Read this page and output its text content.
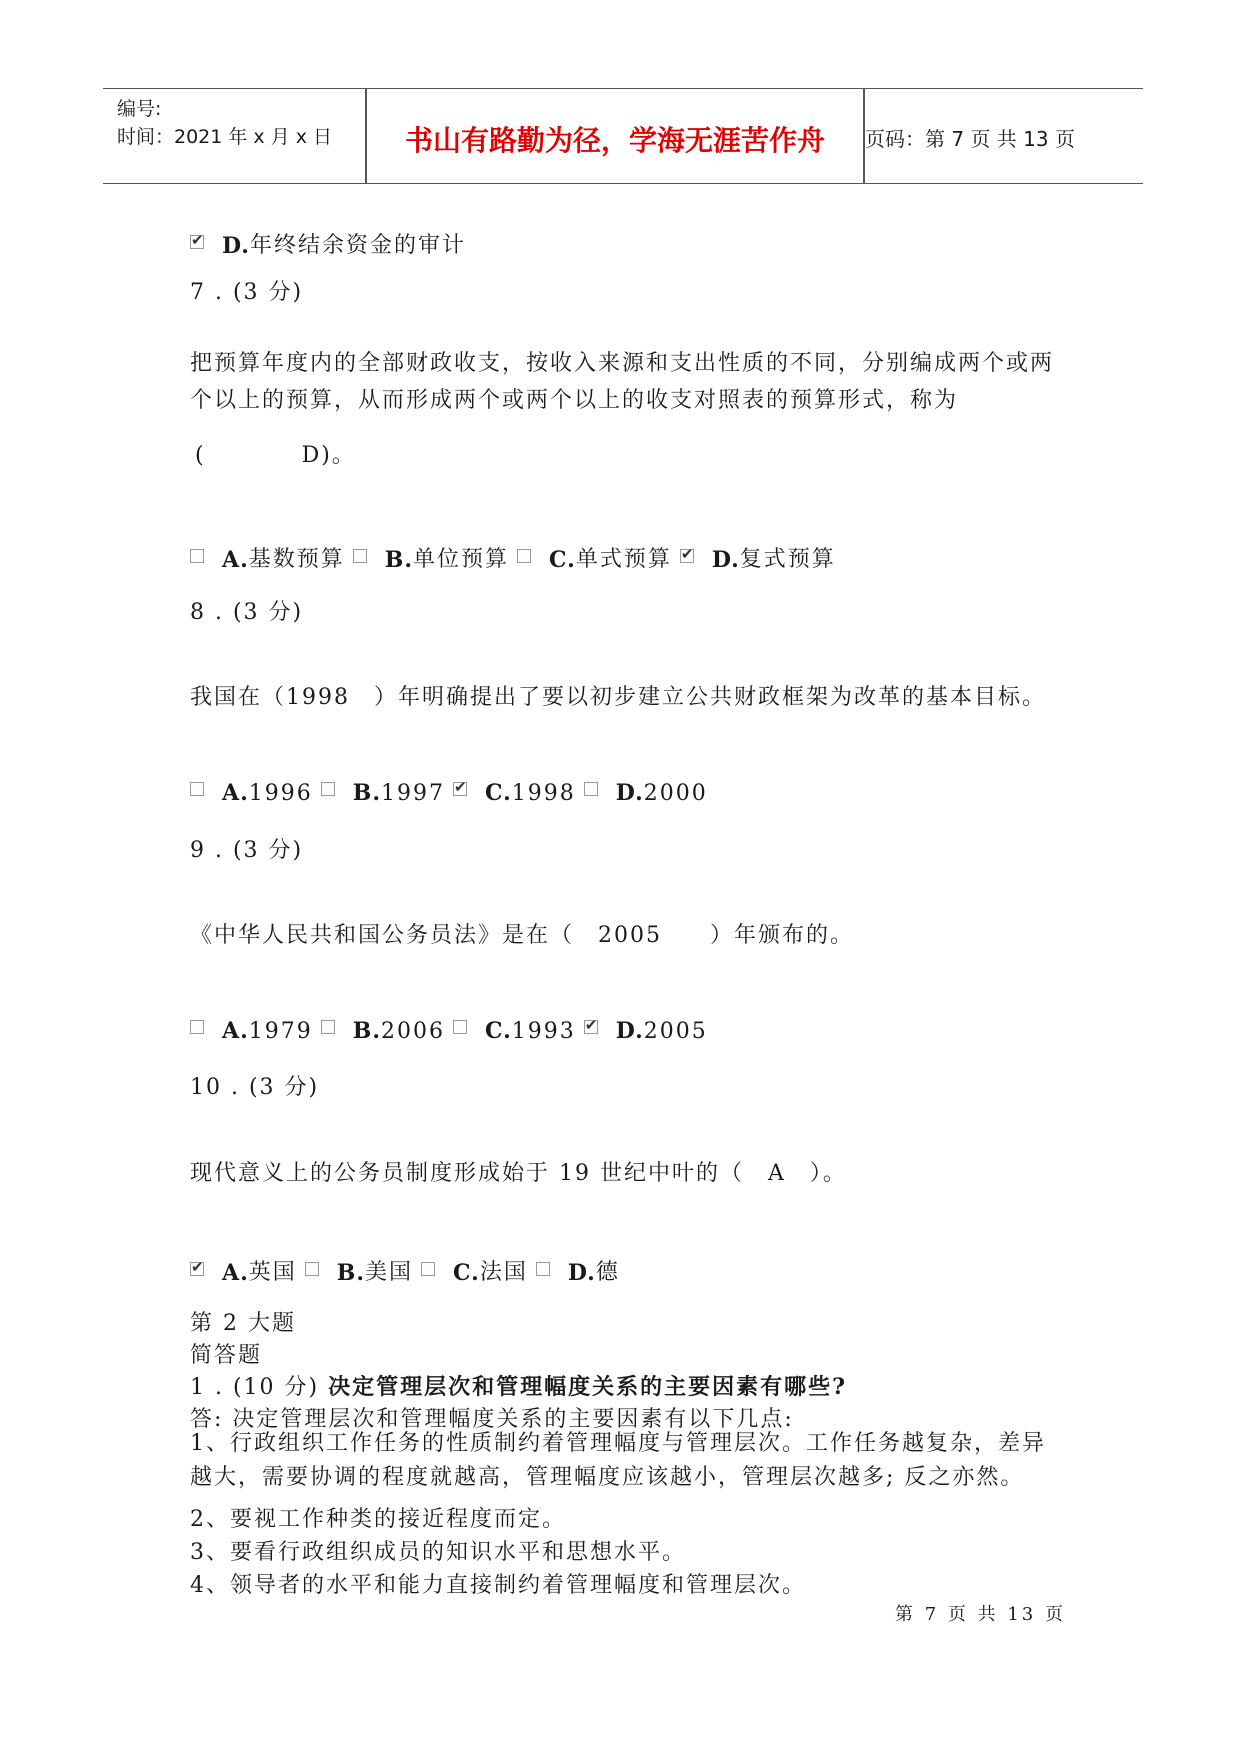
编号:
时间：2021 年 x 月 x 日	书山有路勤为径，学海无涯苦作舟	页码：第 7 页 共 13 页
✔
D. 年终结余资金的审计
7 . (3 分)
把预算年度内的全部财政收支，按收入来源和支出性质的不同，分别编成两个或两个以上的预算，从而形成两个或两个以上的收支对照表的预算形式，称为
(　　　　D)。
A. 基数预算 B. 单位预算 C. 单式预算 ✔ D. 复式预算
8 . (3 分)
我国在（1998　）年明确提出了要以初步建立公共财政框架为改革的基本目标。
A. 1996 B. 1997 ✔ C. 1998 D. 2000
9 . (3 分)
《中华人民共和国公务员法》是在（　2005　　）年颁布的。
A. 1979 B. 2006 C. 1993 ✔ D. 2005
10 . (3 分)
现代意义上的公务员制度形成始于 19 世纪中叶的（　A　）。
✔
A. 英国 B. 美国 C. 法国 D. 德
第 2 大题
简答题
1 . (10 分) 决定管理层次和管理幅度关系的主要因素有哪些?
答: 决定管理层次和管理幅度关系的主要因素有以下几点:
1、行政组织工作任务的性质制约着管理幅度与管理层次。工作任务越复杂，差异越大，需要协调的程度就越高，管理幅度应该越小，管理层次越多; 反之亦然。
2、要视工作种类的接近程度而定。
3、要看行政组织成员的知识水平和思想水平。
4、领导者的水平和能力直接制约着管理幅度和管理层次。
第 7 页 共 13 页
